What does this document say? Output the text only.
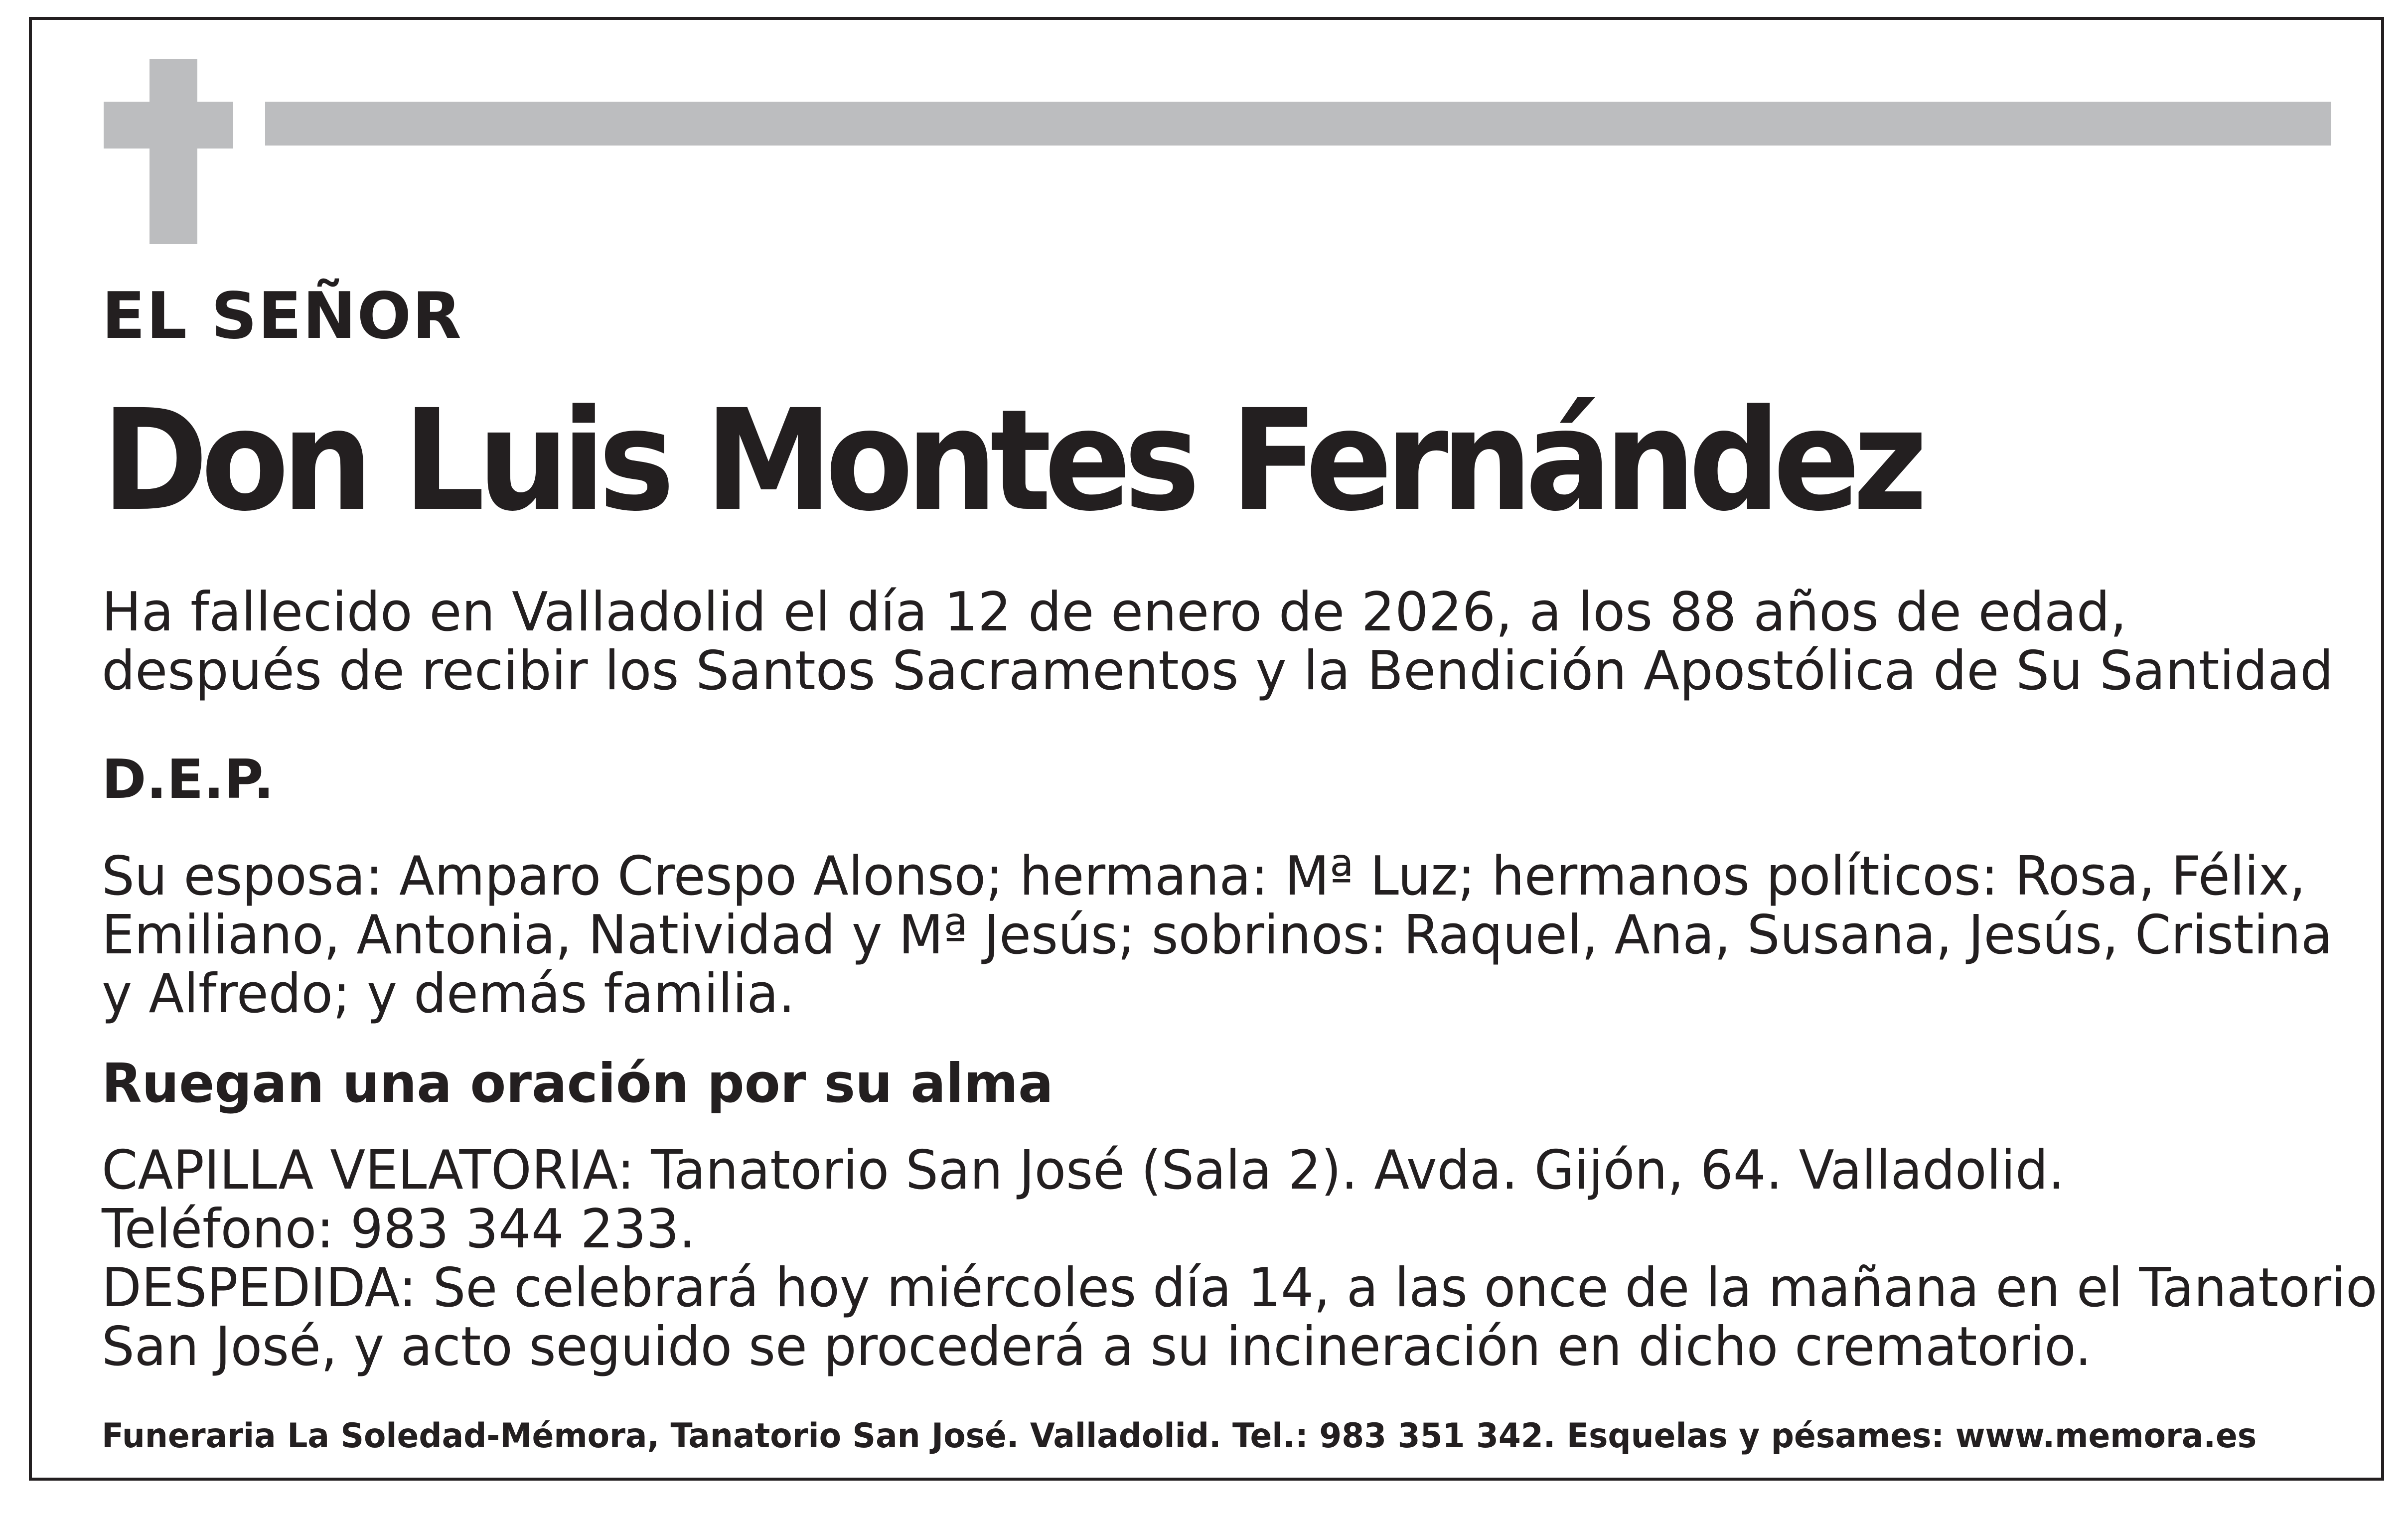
EL SEÑOR
Don Luis Montes Fernández
Ha fallecido en Valladolid el día 12 de enero de 2026, a los 88 años de edad,
después de recibir los Santos Sacramentos y la Bendición Apostólica de Su Santidad
D.E.P.
Su esposa: Amparo Crespo Alonso; hermana: Mª Luz; hermanos políticos: Rosa, Félix,
Emiliano, Antonia, Natividad y Mª Jesús; sobrinos: Raquel, Ana, Susana, Jesús, Cristina
y Alfredo; y demás familia.
Ruegan una oración por su alma
CAPILLA VELATORIA: Tanatorio San José (Sala 2). Avda. Gijón, 64. Valladolid.
Teléfono: 983 344 233.
DESPEDIDA: Se celebrará hoy miércoles día 14, a las once de la mañana en el Tanatorio
San José, y acto seguido se procederá a su incineración en dicho crematorio.
Funeraria La Soledad-Mémora, Tanatorio San José. Valladolid. Tel.: 983 351 342. Esquelas y pésames: www.memora.es
